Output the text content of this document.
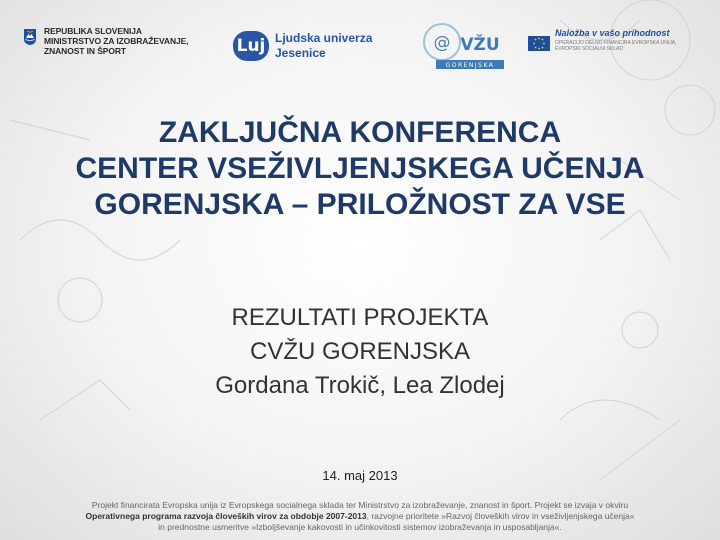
REPUBLIKA SLOVENIJA
MINISTRSTVO ZA IZOBRAŽEVANJE,
ZNANOST IN ŠPORT	Luj Ljudska univerza
Jesenice	@ VŽU
GORENJSKA
Naložba v vašo prihodnost
OPERACIJO DELNO FINANCIRA EVROPSKA UNIJA, EVROPSKI SOCIALNI SKLAD
ZAKLJUČNA KONFERENCA
CENTER VSEŽIVLJENJSKEGA UČENJA
GORENJSKA – PRILOŽNOST ZA VSE
REZULTATI PROJEKTA
CVŽU GORENJSKA
Gordana Trokič, Lea Zlodej
14. maj 2013
Projekt financirata Evropska unija iz Evropskega socialnega sklada ter Ministrstvo za izobraževanje, znanost in šport. Projekt se izvaja v okviru
Operativnega programa razvoja človeških virov za obdobje 2007-2013, razvojne prioritete »Razvoj človeških virov in vseživljenjskega učenja«
in prednostne usmeritve »Izboljševanje kakovosti in učinkovitosti sistemov izobraževanja in usposabljanja«.
